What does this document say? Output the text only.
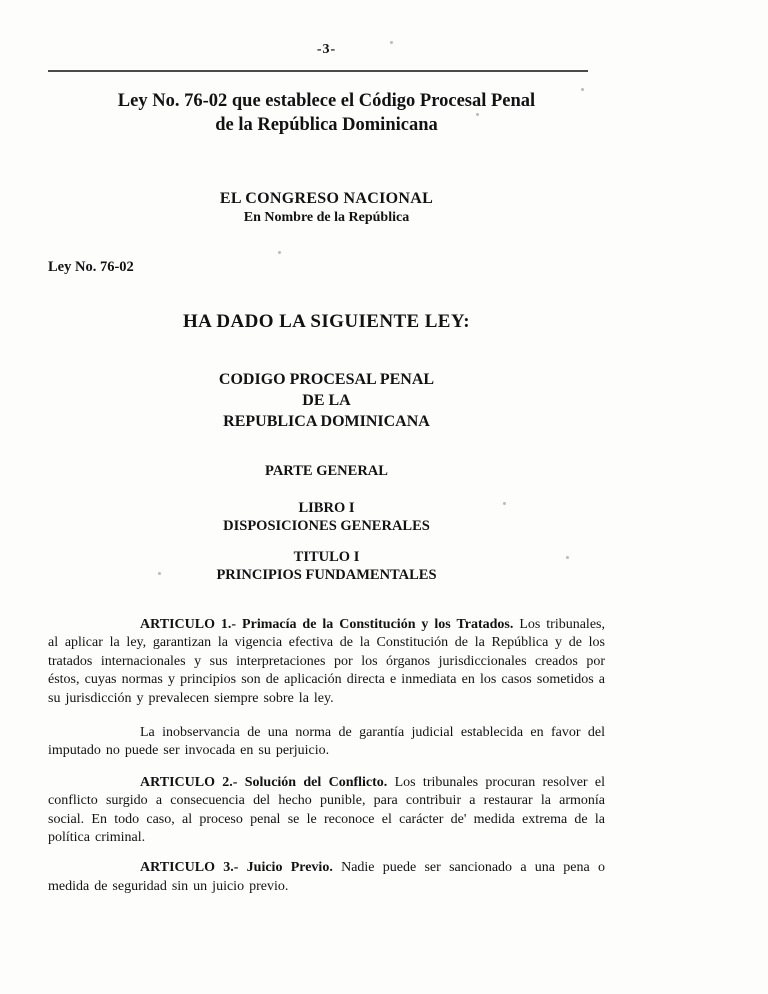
-3-
Ley No. 76-02 que establece el Código Procesal Penal
de la República Dominicana
EL CONGRESO NACIONAL
En Nombre de la República
Ley No. 76-02
HA DADO LA SIGUIENTE LEY:
CODIGO PROCESAL PENAL
DE LA
REPUBLICA DOMINICANA
PARTE GENERAL
LIBRO I
DISPOSICIONES GENERALES
TITULO I
PRINCIPIOS FUNDAMENTALES

ARTICULO 1.- Primacía de la Constitución y los Tratados. Los tribunales, al aplicar la ley, garantizan la vigencia efectiva de la Constitución de la República y de los tratados internacionales y sus interpretaciones por los órganos jurisdiccionales creados por éstos, cuyas normas y principios son de aplicación directa e inmediata en los casos sometidos a su jurisdicción y prevalecen siempre sobre la ley.

La inobservancia de una norma de garantía judicial establecida en favor del imputado no puede ser invocada en su perjuicio.

ARTICULO 2.- Solución del Conflicto. Los tribunales procuran resolver el conflicto surgido a consecuencia del hecho punible, para contribuir a restaurar la armonía social. En todo caso, al proceso penal se le reconoce el carácter de' medida extrema de la política criminal.

ARTICULO 3.- Juicio Previo. Nadie puede ser sancionado a una pena o medida de seguridad sin un juicio previo.
